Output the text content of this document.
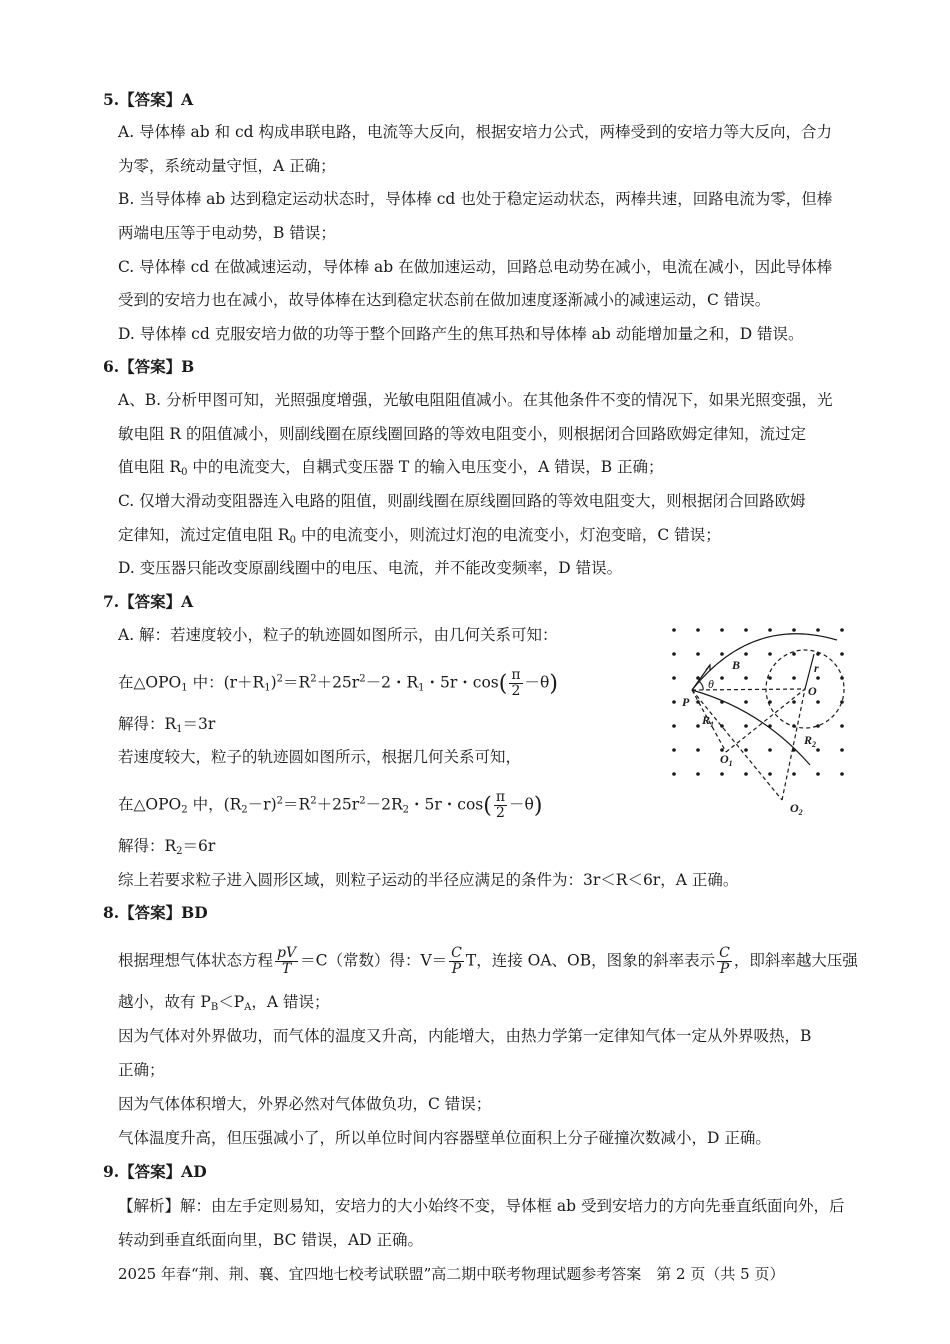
5.【答案】A
A. 导体棒 ab 和 cd 构成串联电路，电流等大反向，根据安培力公式，两棒受到的安培力等大反向，合力
为零，系统动量守恒，A 正确；
B. 当导体棒 ab 达到稳定运动状态时，导体棒 cd 也处于稳定运动状态，两棒共速，回路电流为零，但棒
两端电压等于电动势，B 错误；
C. 导体棒 cd 在做减速运动，导体棒 ab 在做加速运动，回路总电动势在减小，电流在减小，因此导体棒
受到的安培力也在减小，故导体棒在达到稳定状态前在做加速度逐渐减小的减速运动，C 错误。
D. 导体棒 cd 克服安培力做的功等于整个回路产生的焦耳热和导体棒 ab 动能增加量之和，D 错误。
6.【答案】B
A、B. 分析甲图可知，光照强度增强，光敏电阻阻值减小。在其他条件不变的情况下，如果光照变强，光
敏电阻 R 的阻值减小，则副线圈在原线圈回路的等效电阻变小，则根据闭合回路欧姆定律知，流过定
值电阻 $R_0$ 中的电流变大，自耦式变压器 T 的输入电压变小，A 错误，B 正确；
C. 仅增大滑动变阻器连入电路的阻值，则副线圈在原线圈回路的等效电阻变大，则根据闭合回路欧姆
定律知，流过定值电阻 $R_0$ 中的电流变小，则流过灯泡的电流变小，灯泡变暗，C 错误；
D. 变压器只能改变原副线圈中的电压、电流，并不能改变频率，D 错误。
7.【答案】A
A. 解：若速度较小，粒子的轨迹圆如图所示，由几何关系可知：
在$\triangle OPO_1$ 中：$(r+R_1)^2=R^2+25r^2-2$・$R_1$・5r・$\cos( \frac{\pi}{2} -\theta)$
解得：$R_1=3r$
若速度较大，粒子的轨迹圆如图所示，根据几何关系可知，
在$\triangle OPO_2$ 中，$(R_2-r)^2=R^2+25r^2-2R_2$・5r・$\cos( \frac{\pi}{2} -\theta)$
解得：$R_2=6r$
综上若要求粒子进入圆形区域，则粒子运动的半径应满足的条件为：3r＜R＜6r，A 正确。
B
θ
P
O
r
$R_1$
$R_2$
$O_1$
$O_2$
8.【答案】BD
根据理想气体状态方程 $\frac{pV}{T} =C$（常数）得：$V= \frac{C}{P}$ T，连接 OA、OB，图象的斜率表示 $\frac{C}{P}$ ，即斜率越大压强
越小，故有 $P_B<P_A$，A 错误；
因为气体对外界做功，而气体的温度又升高，内能增大，由热力学第一定律知气体一定从外界吸热，B
正确；
因为气体体积增大，外界必然对气体做负功，C 错误；
气体温度升高，但压强减小了，所以单位时间内容器壁单位面积上分子碰撞次数减小，D 正确。
9.【答案】AD
【解析】解：由左手定则易知，安培力的大小始终不变，导体框 ab 受到安培力的方向先垂直纸面向外，后
转动到垂直纸面向里，BC 错误，AD 正确。
2025 年春“荆、荆、襄、宜四地七校考试联盟”高二期中联考物理试题参考答案　第 2 页（共 5 页）
